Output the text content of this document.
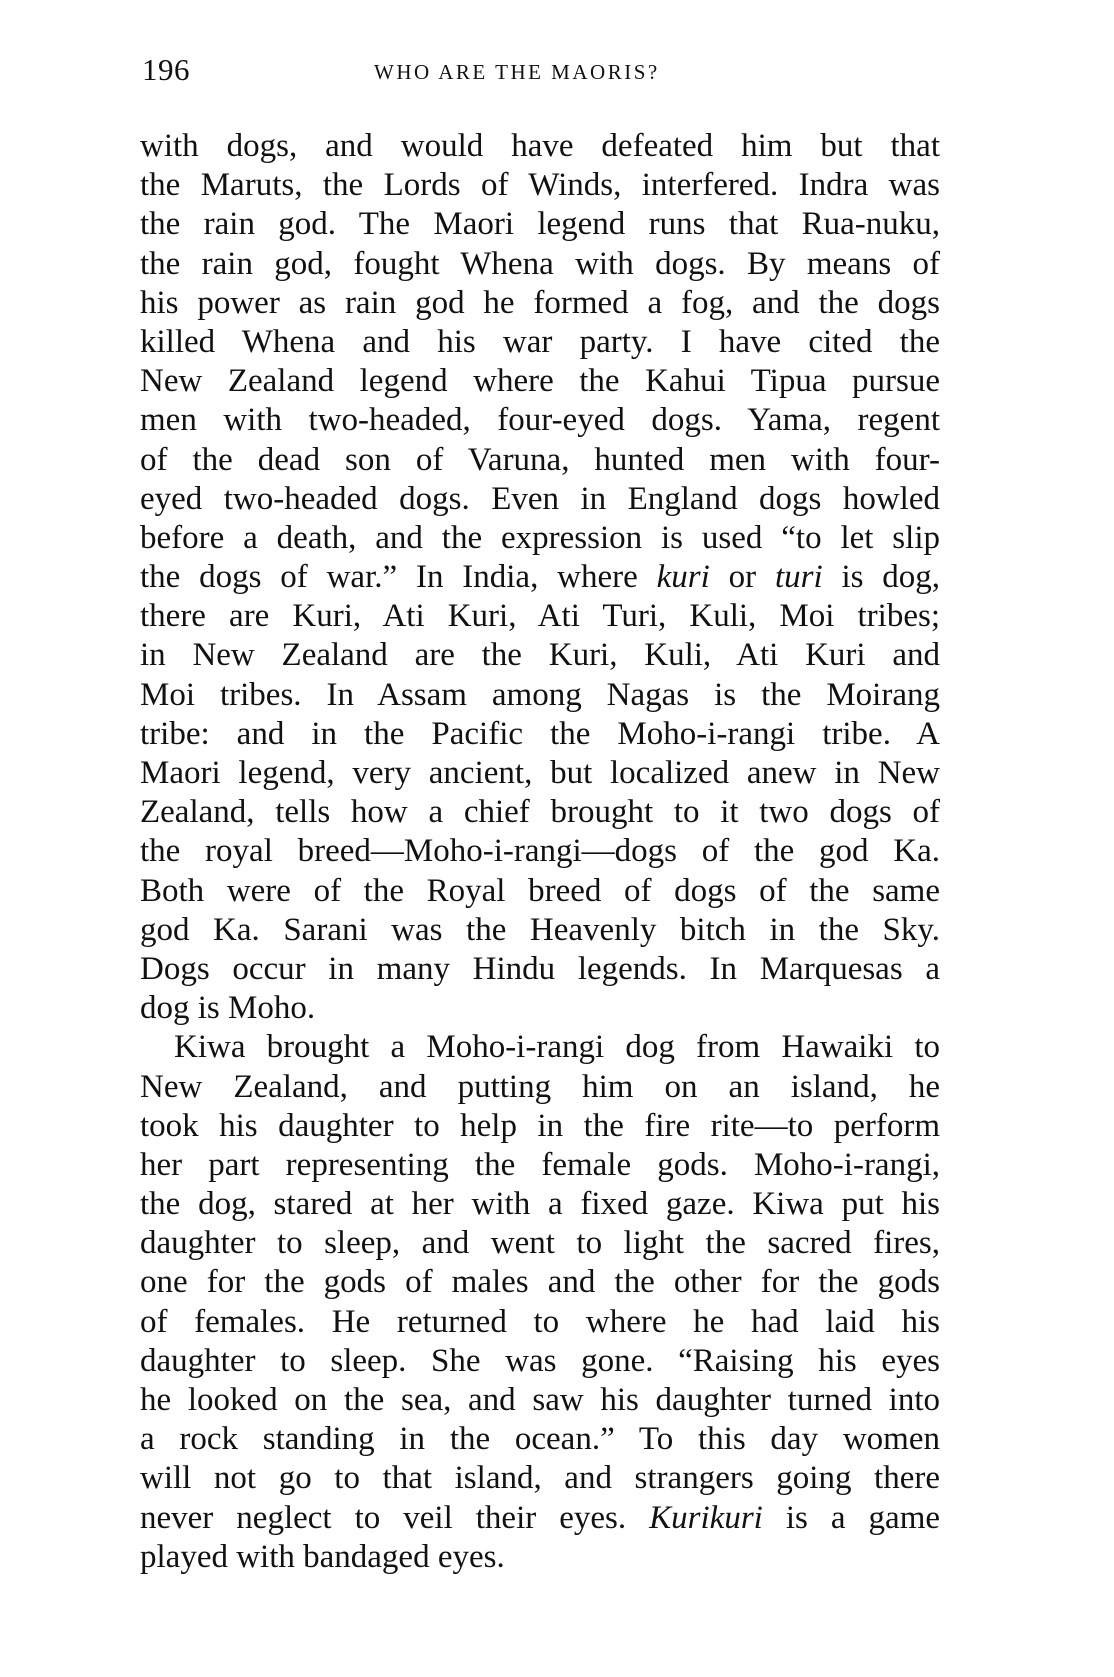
196	WHO ARE THE MAORIS?
with dogs, and would have defeated him but that
the Maruts, the Lords of Winds, interfered. Indra was
the rain god. The Maori legend runs that Rua-nuku,
the rain god, fought Whena with dogs. By means of
his power as rain god he formed a fog, and the dogs
killed Whena and his war party. I have cited the
New Zealand legend where the Kahui Tipua pursue
men with two-headed, four-eyed dogs. Yama, regent
of the dead son of Varuna, hunted men with four-
eyed two-headed dogs. Even in England dogs howled
before a death, and the expression is used “to let slip
the dogs of war.” In India, where kuri or turi is dog,
there are Kuri, Ati Kuri, Ati Turi, Kuli, Moi tribes;
in New Zealand are the Kuri, Kuli, Ati Kuri and
Moi tribes. In Assam among Nagas is the Moirang
tribe: and in the Pacific the Moho-i-rangi tribe. A
Maori legend, very ancient, but localized anew in New
Zealand, tells how a chief brought to it two dogs of
the royal breed—Moho-i-rangi—dogs of the god Ka.
Both were of the Royal breed of dogs of the same
god Ka. Sarani was the Heavenly bitch in the Sky.
Dogs occur in many Hindu legends. In Marquesas a
dog is Moho.
Kiwa brought a Moho-i-rangi dog from Hawaiki to
New Zealand, and putting him on an island, he
took his daughter to help in the fire rite—to perform
her part representing the female gods. Moho-i-rangi,
the dog, stared at her with a fixed gaze. Kiwa put his
daughter to sleep, and went to light the sacred fires,
one for the gods of males and the other for the gods
of females. He returned to where he had laid his
daughter to sleep. She was gone. “Raising his eyes
he looked on the sea, and saw his daughter turned into
a rock standing in the ocean.” To this day women
will not go to that island, and strangers going there
never neglect to veil their eyes. Kurikuri is a game
played with bandaged eyes.
